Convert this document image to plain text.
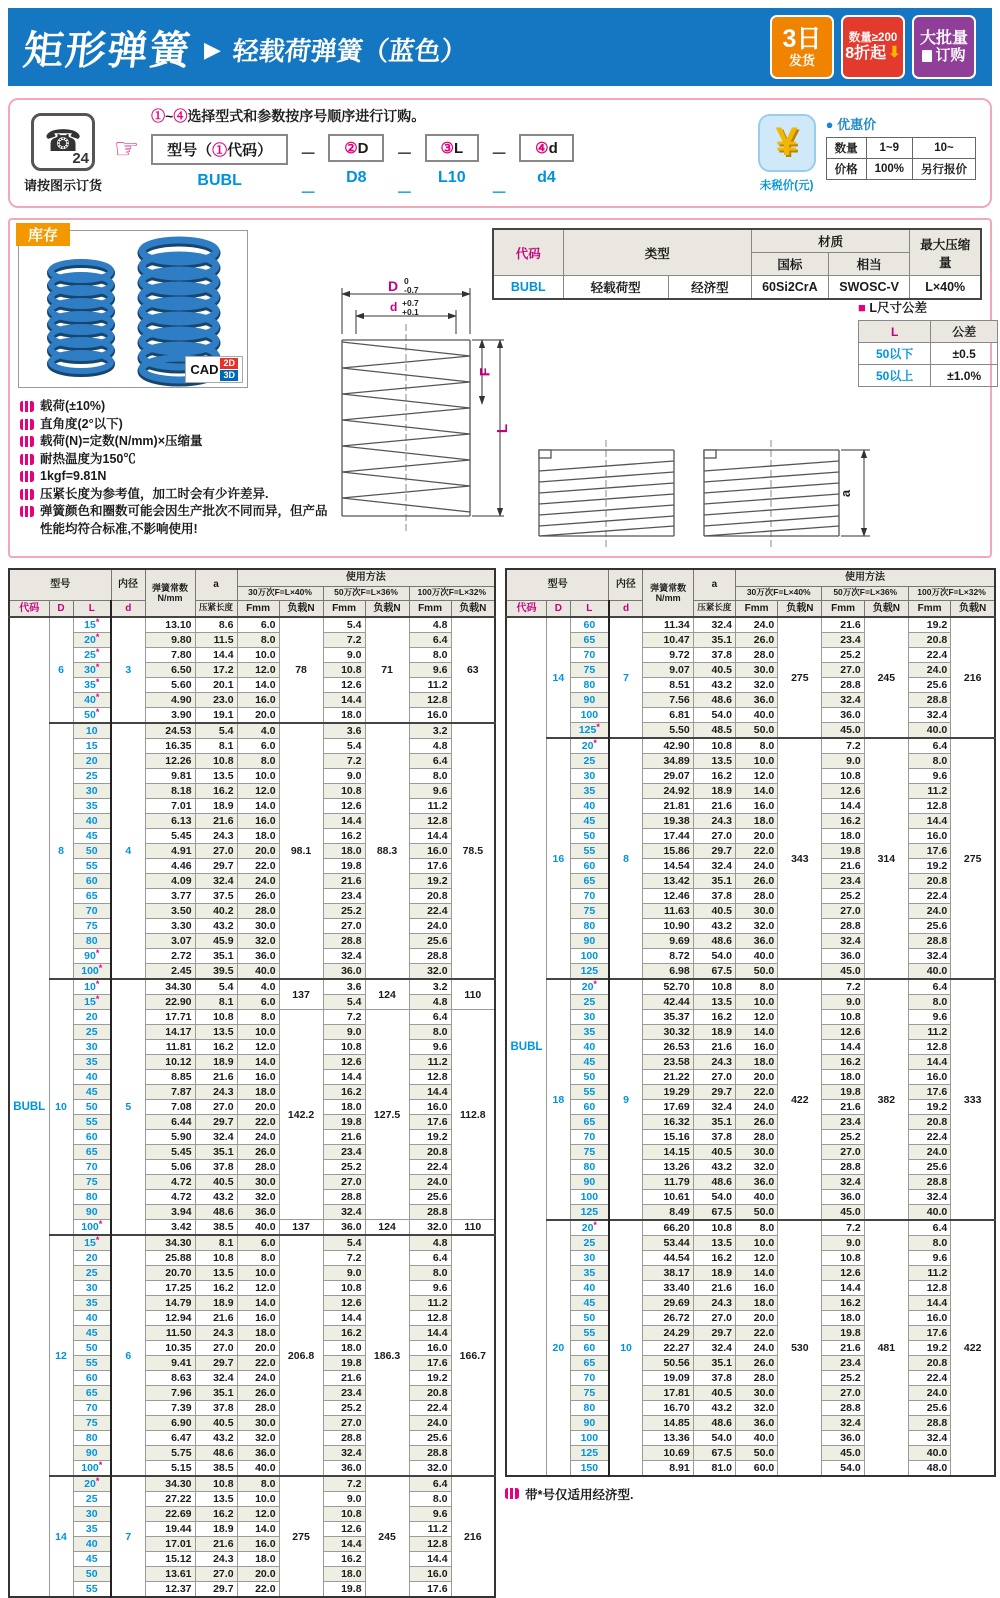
矩形弹簧 ▶ 轻载荷弹簧（蓝色）	3日
发货
数量≥200
8折起 ⬇
大批量
订购
☎
24
请按图示订货
☞
①~④选择型式和参数按序号顺序进行订购。
型号（①代码）
BUBL
－
－
②D
D8
－
－
③L
L10
－
－
④d
d4
¥
未税价(元)
● 优惠价
数量	1~9	10~
价格	100%	另行报价
库存
CAD 2D
3D
载荷(±10%)
直角度(2°以下)
载荷(N)=定数(N/mm)×压缩量
耐热温度为150℃
1kgf=9.81N
压紧长度为参考值，加工时会有少许差异.
弹簧颜色和圈数可能会因生产批次不同而异，但产品性能均符合标准,不影响使用!
D 0
-0.7
d +0.7
+0.1
F
L
a
代码	类型		材质		最大压缩量
			国标	相当	
BUBL	轻载荷型	经济型	60Si2CrA	SWOSC-V	L×40%
■ L尺寸公差
L	公差
50以下	±0.5
50以上	±1.0%
型号			内径	弹簧常数
N/mm	a	使用方法					
						30万次F=L×40%		50万次F=L×36%		100万次F=L×32%	
代码	D	L	d		压紧长度	Fmm	负载N	Fmm	负载N	Fmm	负载N
BUBL	6	15*	3	13.10	8.6	6.0	78	5.4	71	4.8	63
		20*		9.80	11.5	8.0		7.2		6.4	
		25*		7.80	14.4	10.0		9.0		8.0	
		30*		6.50	17.2	12.0		10.8		9.6	
		35*		5.60	20.1	14.0		12.6		11.2	
		40*		4.90	23.0	16.0		14.4		12.8	
		50*		3.90	19.1	20.0		18.0		16.0	
	8	10	4	24.53	5.4	4.0	98.1	3.6	88.3	3.2	78.5
		15		16.35	8.1	6.0		5.4		4.8	
		20		12.26	10.8	8.0		7.2		6.4	
		25		9.81	13.5	10.0		9.0		8.0	
		30		8.18	16.2	12.0		10.8		9.6	
		35		7.01	18.9	14.0		12.6		11.2	
		40		6.13	21.6	16.0		14.4		12.8	
		45		5.45	24.3	18.0		16.2		14.4	
		50		4.91	27.0	20.0		18.0		16.0	
		55		4.46	29.7	22.0		19.8		17.6	
		60		4.09	32.4	24.0		21.6		19.2	
		65		3.77	37.5	26.0		23.4		20.8	
		70		3.50	40.2	28.0		25.2		22.4	
		75		3.30	43.2	30.0		27.0		24.0	
		80		3.07	45.9	32.0		28.8		25.6	
		90*		2.72	35.1	36.0		32.4		28.8	
		100*		2.45	39.5	40.0		36.0		32.0	
	10	10*	5	34.30	5.4	4.0	137	3.6	124	3.2	110
		15*		22.90	8.1	6.0		5.4		4.8	
		20		17.71	10.8	8.0	142.2	7.2	127.5	6.4	112.8
		25		14.17	13.5	10.0		9.0		8.0	
		30		11.81	16.2	12.0		10.8		9.6	
		35		10.12	18.9	14.0		12.6		11.2	
		40		8.85	21.6	16.0		14.4		12.8	
		45		7.87	24.3	18.0		16.2		14.4	
		50		7.08	27.0	20.0		18.0		16.0	
		55		6.44	29.7	22.0		19.8		17.6	
		60		5.90	32.4	24.0		21.6		19.2	
		65		5.45	35.1	26.0		23.4		20.8	
		70		5.06	37.8	28.0		25.2		22.4	
		75		4.72	40.5	30.0		27.0		24.0	
		80		4.72	43.2	32.0		28.8		25.6	
		90		3.94	48.6	36.0		32.4		28.8	
		100*		3.42	38.5	40.0	137	36.0	124	32.0	110
	12	15*	6	34.30	8.1	6.0	206.8	5.4	186.3	4.8	166.7
		20		25.88	10.8	8.0		7.2		6.4	
		25		20.70	13.5	10.0		9.0		8.0	
		30		17.25	16.2	12.0		10.8		9.6	
		35		14.79	18.9	14.0		12.6		11.2	
		40		12.94	21.6	16.0		14.4		12.8	
		45		11.50	24.3	18.0		16.2		14.4	
		50		10.35	27.0	20.0		18.0		16.0	
		55		9.41	29.7	22.0		19.8		17.6	
		60		8.63	32.4	24.0		21.6		19.2	
		65		7.96	35.1	26.0		23.4		20.8	
		70		7.39	37.8	28.0		25.2		22.4	
		75		6.90	40.5	30.0		27.0		24.0	
		80		6.47	43.2	32.0		28.8		25.6	
		90		5.75	48.6	36.0		32.4		28.8	
		100*		5.15	38.5	40.0		36.0		32.0	
	14	20*	7	34.30	10.8	8.0	275	7.2	245	6.4	216
		25		27.22	13.5	10.0		9.0		8.0	
		30		22.69	16.2	12.0		10.8		9.6	
		35		19.44	18.9	14.0		12.6		11.2	
		40		17.01	21.6	16.0		14.4		12.8	
		45		15.12	24.3	18.0		16.2		14.4	
		50		13.61	27.0	20.0		18.0		16.0	
		55		12.37	29.7	22.0		19.8		17.6	
型号			内径	弹簧常数
N/mm	a	使用方法					
						30万次F=L×40%		50万次F=L×36%		100万次F=L×32%	
代码	D	L	d		压紧长度	Fmm	负载N	Fmm	负载N	Fmm	负载N
BUBL	14	60	7	11.34	32.4	24.0	275	21.6	245	19.2	216
		65		10.47	35.1	26.0		23.4		20.8	
		70		9.72	37.8	28.0		25.2		22.4	
		75		9.07	40.5	30.0		27.0		24.0	
		80		8.51	43.2	32.0		28.8		25.6	
		90		7.56	48.6	36.0		32.4		28.8	
		100		6.81	54.0	40.0		36.0		32.4	
		125*		5.50	48.5	50.0		45.0		40.0	
	16	20*	8	42.90	10.8	8.0	343	7.2	314	6.4	275
		25		34.89	13.5	10.0		9.0		8.0	
		30		29.07	16.2	12.0		10.8		9.6	
		35		24.92	18.9	14.0		12.6		11.2	
		40		21.81	21.6	16.0		14.4		12.8	
		45		19.38	24.3	18.0		16.2		14.4	
		50		17.44	27.0	20.0		18.0		16.0	
		55		15.86	29.7	22.0		19.8		17.6	
		60		14.54	32.4	24.0		21.6		19.2	
		65		13.42	35.1	26.0		23.4		20.8	
		70		12.46	37.8	28.0		25.2		22.4	
		75		11.63	40.5	30.0		27.0		24.0	
		80		10.90	43.2	32.0		28.8		25.6	
		90		9.69	48.6	36.0		32.4		28.8	
		100		8.72	54.0	40.0		36.0		32.4	
		125		6.98	67.5	50.0		45.0		40.0	
	18	20*	9	52.70	10.8	8.0	422	7.2	382	6.4	333
		25		42.44	13.5	10.0		9.0		8.0	
		30		35.37	16.2	12.0		10.8		9.6	
		35		30.32	18.9	14.0		12.6		11.2	
		40		26.53	21.6	16.0		14.4		12.8	
		45		23.58	24.3	18.0		16.2		14.4	
		50		21.22	27.0	20.0		18.0		16.0	
		55		19.29	29.7	22.0		19.8		17.6	
		60		17.69	32.4	24.0		21.6		19.2	
		65		16.32	35.1	26.0		23.4		20.8	
		70		15.16	37.8	28.0		25.2		22.4	
		75		14.15	40.5	30.0		27.0		24.0	
		80		13.26	43.2	32.0		28.8		25.6	
		90		11.79	48.6	36.0		32.4		28.8	
		100		10.61	54.0	40.0		36.0		32.4	
		125		8.49	67.5	50.0		45.0		40.0	
	20	20*	10	66.20	10.8	8.0	530	7.2	481	6.4	422
		25		53.44	13.5	10.0		9.0		8.0	
		30		44.54	16.2	12.0		10.8		9.6	
		35		38.17	18.9	14.0		12.6		11.2	
		40		33.40	21.6	16.0		14.4		12.8	
		45		29.69	24.3	18.0		16.2		14.4	
		50		26.72	27.0	20.0		18.0		16.0	
		55		24.29	29.7	22.0		19.8		17.6	
		60		22.27	32.4	24.0		21.6		19.2	
		65		50.56	35.1	26.0		23.4		20.8	
		70		19.09	37.8	28.0		25.2		22.4	
		75		17.81	40.5	30.0		27.0		24.0	
		80		16.70	43.2	32.0		28.8		25.6	
		90		14.85	48.6	36.0		32.4		28.8	
		100		13.36	54.0	40.0		36.0		32.4	
		125		10.69	67.5	50.0		45.0		40.0	
		150		8.91	81.0	60.0		54.0		48.0	
带*号仅适用经济型.
